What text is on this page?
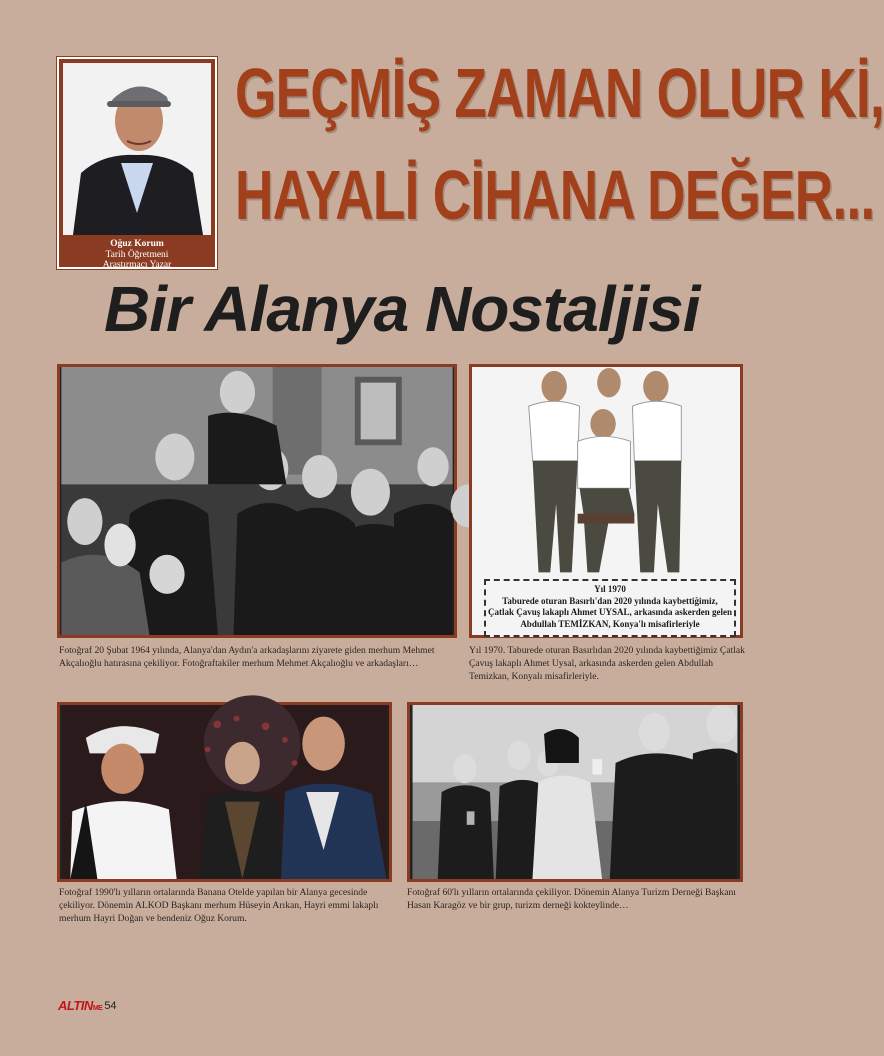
Oğuz Korum
Tarih Öğretmeni
Araştırmacı Yazar
GEÇMİŞ ZAMAN OLUR Kİ,
HAYALİ CİHANA DEĞER...
Bir Alanya Nostaljisi
Fotoğraf 20 Şubat 1964 yılında, Alanya'dan Aydın'a arkadaşlarını ziyarete giden merhum Mehmet Akçalıoğlu hatırasına çekiliyor. Fotoğraftakiler merhum Mehmet Akçalıoğlu ve arkadaşları…
Yıl 1970
Taburede oturan Basırlı'dan 2020 yılında kaybettiğimiz,
Çatlak Çavuş lakaplı Ahmet UYSAL, arkasında askerden gelen
Abdullah TEMİZKAN, Konya'lı misafirleriyle
Yıl 1970. Taburede oturan Basırlıdan 2020 yılında kaybettiğimiz Çatlak Çavuş lakaplı Ahmet Uysal, arkasında askerden gelen Abdullah Temizkan, Konyalı misafirleriyle.
Fotoğraf 1990'lı yılların ortalarında Banana Otelde yapılan bir Alanya gecesinde çekiliyor. Dönemin ALKOD Başkanı merhum Hüseyin Arıkan, Hayri emmi lakaplı merhum Hayri Doğan ve bendeniz Oğuz Korum.
Fotoğraf 60'lı yılların ortalarında çekiliyor. Dönemin Alanya Turizm Derneği Başkanı Hasan Karagöz ve bir grup, turizm derneği kokteylinde…
ALTINME 54
